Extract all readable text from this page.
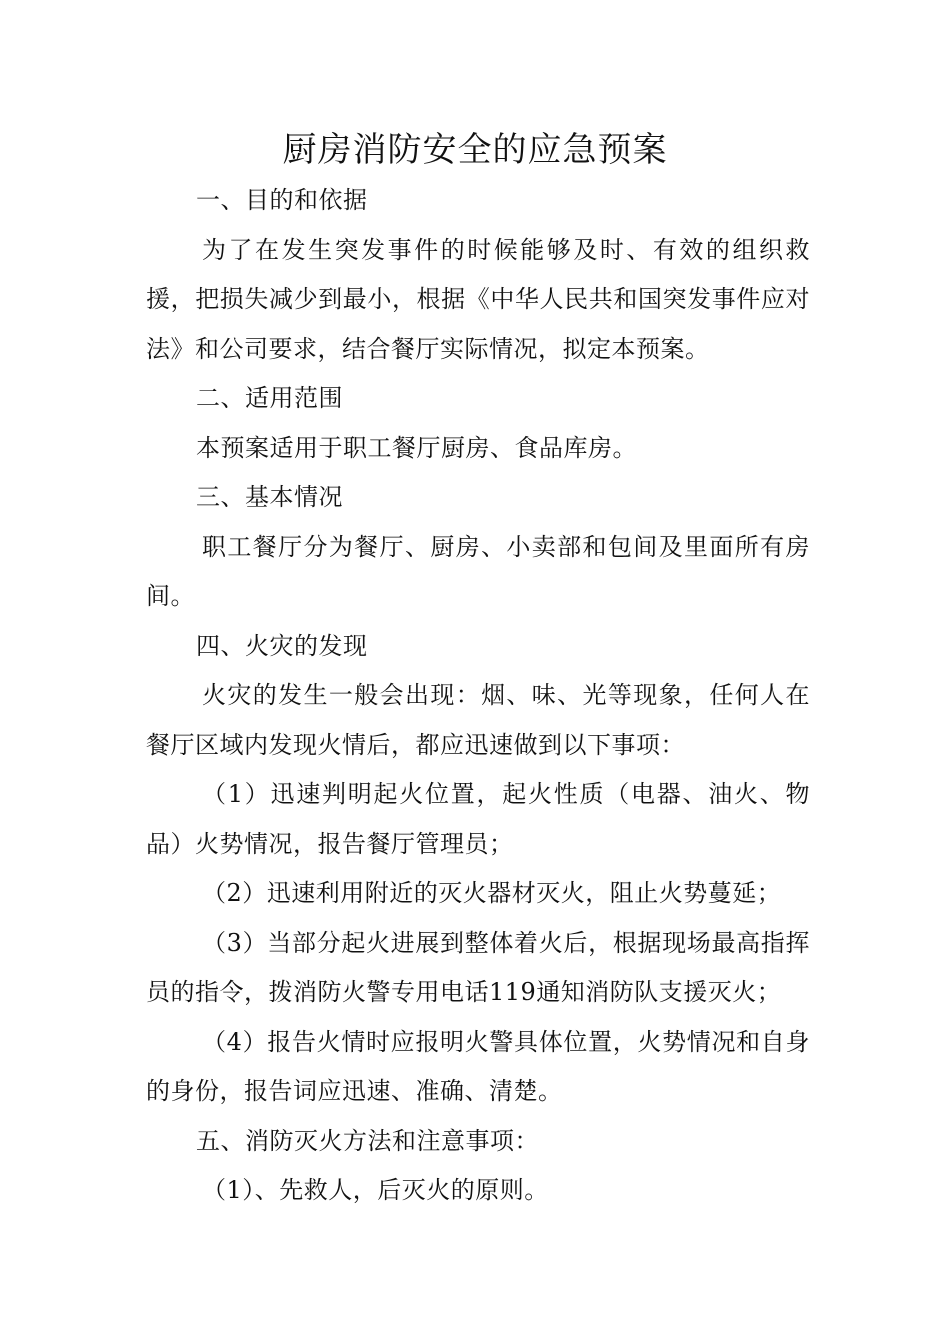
厨房消防安全的应急预案

一、目的和依据

为了在发生突发事件的时候能够及时、有效的组织救援，把损失减少到最小，根据《中华人民共和国突发事件应对法》和公司要求，结合餐厅实际情况，拟定本预案。

二、适用范围

本预案适用于职工餐厅厨房、食品库房。

三、基本情况

职工餐厅分为餐厅、厨房、小卖部和包间及里面所有房间。

四、火灾的发现

火灾的发生一般会出现：烟、味、光等现象，任何人在餐厅区域内发现火情后，都应迅速做到以下事项：

（1）迅速判明起火位置，起火性质（电器、油火、物品）火势情况，报告餐厅管理员；

（2）迅速利用附近的灭火器材灭火，阻止火势蔓延；

（3）当部分起火进展到整体着火后，根据现场最高指挥员的指令，拨消防火警专用电话119通知消防队支援灭火；

（4）报告火情时应报明火警具体位置，火势情况和自身的身份，报告词应迅速、准确、清楚。

五、消防灭火方法和注意事项：

（1）、先救人，后灭火的原则。
